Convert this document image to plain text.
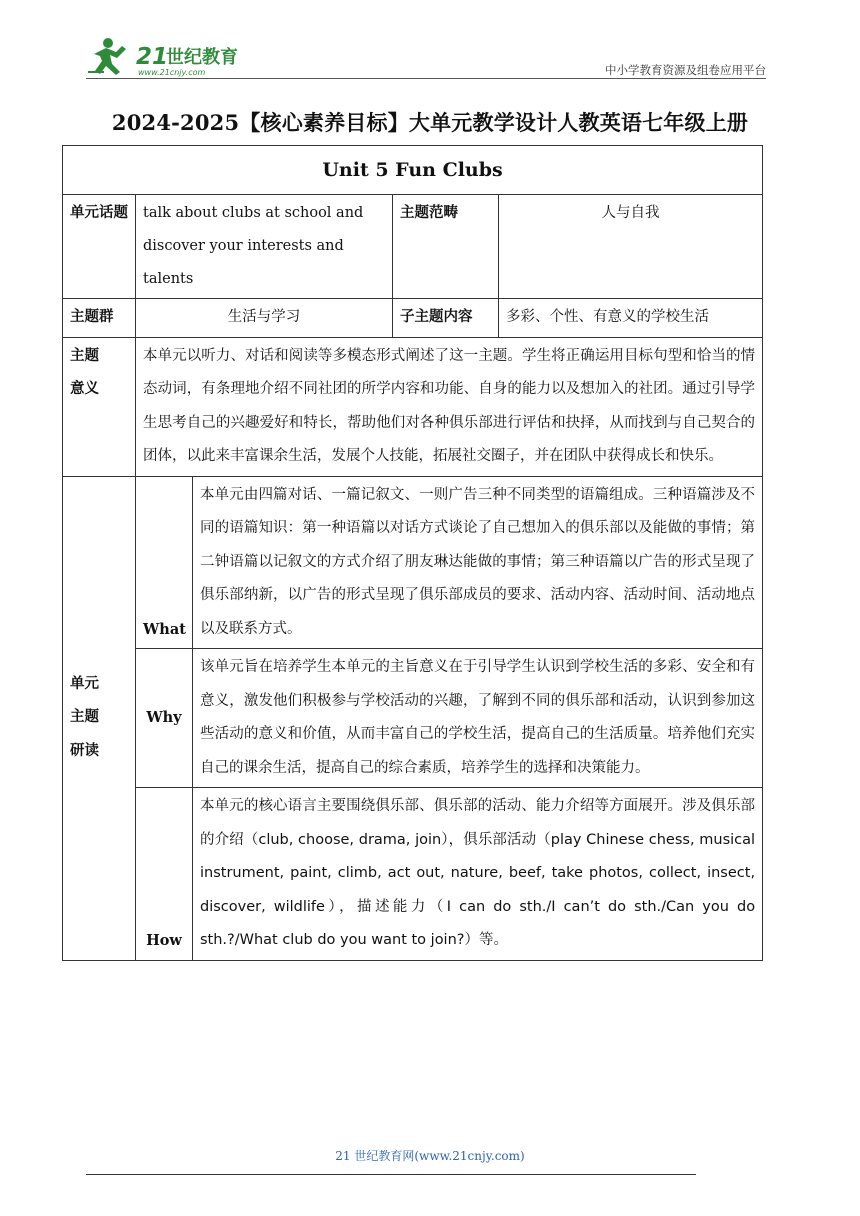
21
世纪教育
www.21cnjy.com	中小学教育资源及组卷应用平台
2024-2025【核心素养目标】大单元教学设计人教英语七年级上册
Unit 5 Fun Clubs				
单元话题	talk about clubs at school and discover your interests and talents		主题范畴	人与自我
主题群	生活与学习		子主题内容	多彩、个性、有意义的学校生活
主题意义	本单元以听力、对话和阅读等多模态形式阐述了这一主题。学生将正确运用目标句型和恰当的情态动词，有条理地介绍不同社团的所学内容和功能、自身的能力以及想加入的社团。通过引导学生思考自己的兴趣爱好和特长，帮助他们对各种俱乐部进行评估和抉择，从而找到与自己契合的团体，以此来丰富课余生活，发展个人技能，拓展社交圈子，并在团队中获得成长和快乐。			
单元主题研读	What	本单元由四篇对话、一篇记叙文、一则广告三种不同类型的语篇组成。三种语篇涉及不同的语篇知识：第一种语篇以对话方式谈论了自己想加入的俱乐部以及能做的事情；第二钟语篇以记叙文的方式介绍了朋友琳达能做的事情；第三种语篇以广告的形式呈现了俱乐部纳新，以广告的形式呈现了俱乐部成员的要求、活动内容、活动时间、活动地点以及联系方式。		
	Why	该单元旨在培养学生本单元的主旨意义在于引导学生认识到学校生活的多彩、安全和有意义，激发他们积极参与学校活动的兴趣，了解到不同的俱乐部和活动，认识到参加这些活动的意义和价值，从而丰富自己的学校生活，提高自己的生活质量。培养他们充实自己的课余生活，提高自己的综合素质，培养学生的选择和决策能力。		
	How	本单元的核心语言主要围绕俱乐部、俱乐部的活动、能力介绍等方面展开。涉及俱乐部的介绍（club, choose, drama, join），俱乐部活动（play Chinese chess, musical instrument, paint, climb, act out, nature, beef, take photos, collect, insect, discover, wildlife），描述能力（I can do sth./I can’t do sth./Can you do sth.?/What club do you want to join?）等。		
21 世纪教育网(www.21cnjy.com)
